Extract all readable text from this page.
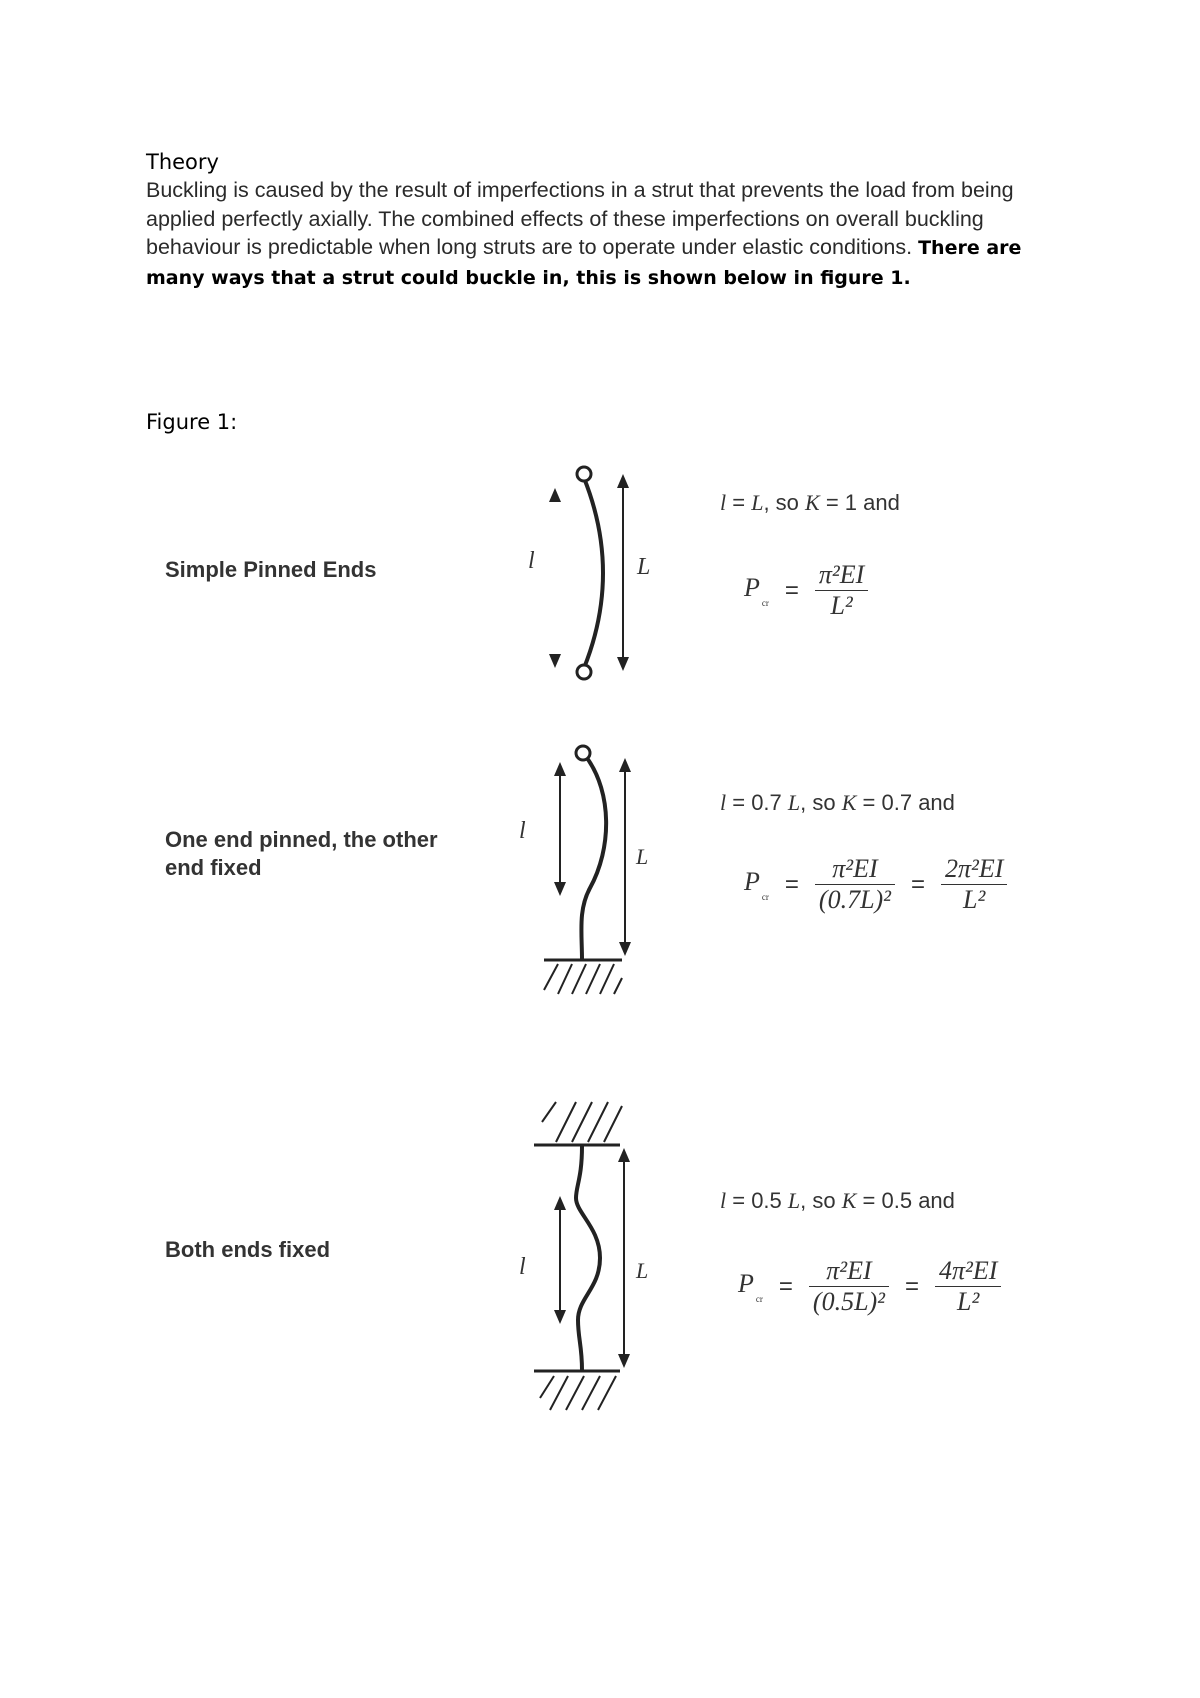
Theory
Buckling is caused by the result of imperfections in a strut that prevents the load from being applied perfectly axially. The combined effects of these imperfections on overall buckling behaviour is predictable when long struts are to operate under elastic conditions. There are many ways that a strut could buckle in, this is shown below in figure 1.
Figure 1:
Simple Pinned Ends	l	L
l = L, so K = 1 and
$P_{cr} = \frac{\text{π²EI}}{\text{L²}}$
One end pinned, the other
end fixed
l
L
l = 0.7 L, so K = 0.7 and
$P_{cr} = \frac{\text{π²EI}}{\text{(0.7L)²}} = \frac{\text{2π²EI}}{\text{L²}}$
Both ends fixed
l	L
l = 0.5 L, so K = 0.5 and
$P_{cr} = \frac{\text{π²EI}}{\text{(0.5L)²}} = \frac{\text{4π²EI}}{\text{L²}}$
